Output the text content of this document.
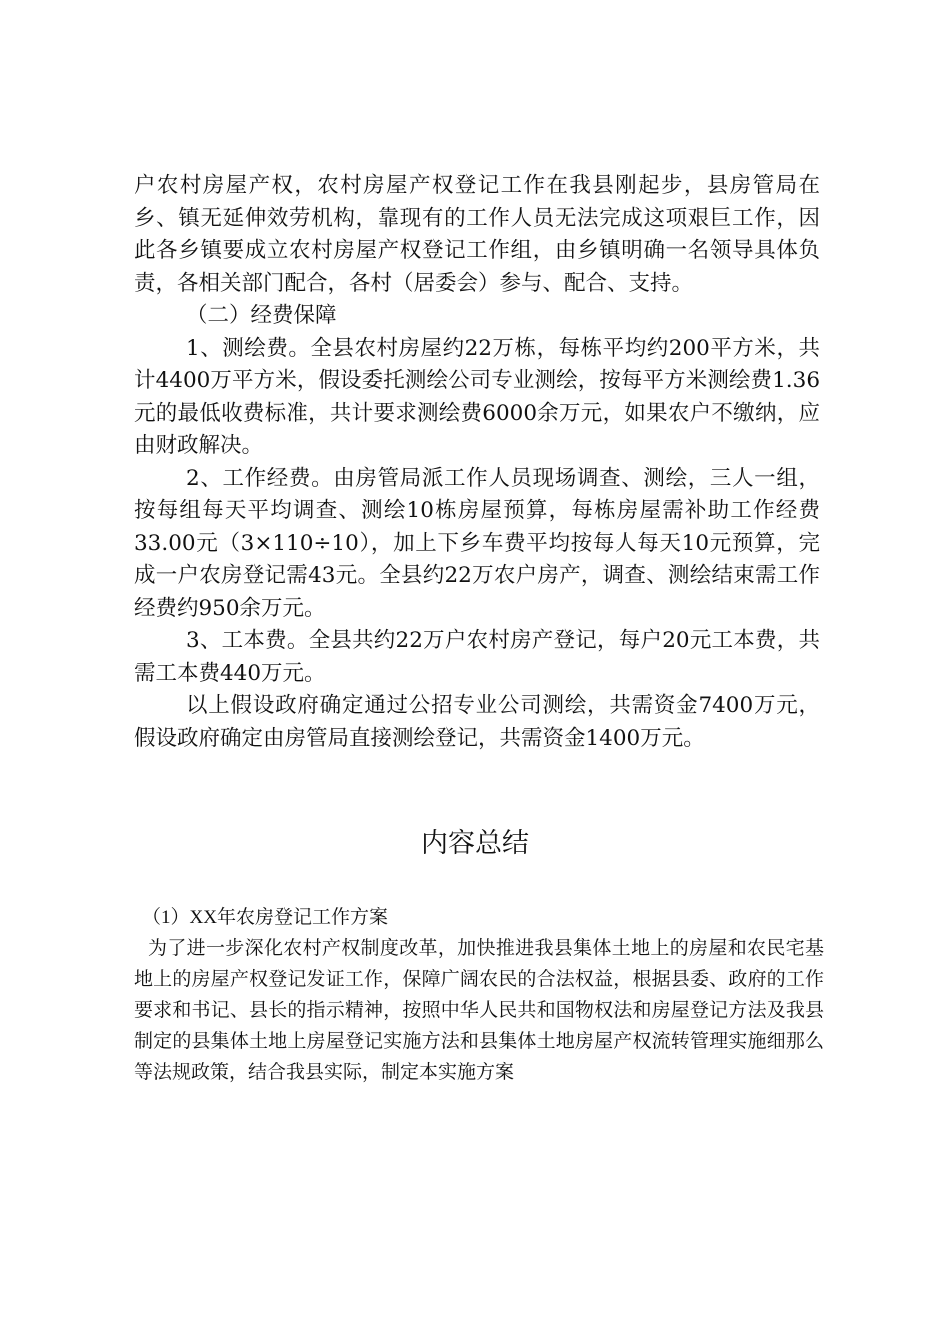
户农村房屋产权，农村房屋产权登记工作在我县刚起步，县房管局在乡、镇无延伸效劳机构，靠现有的工作人员无法完成这项艰巨工作，因此各乡镇要成立农村房屋产权登记工作组，由乡镇明确一名领导具体负责，各相关部门配合，各村（居委会）参与、配合、支持。

（二）经费保障

1、测绘费。全县农村房屋约22万栋，每栋平均约200平方米，共计4400万平方米，假设委托测绘公司专业测绘，按每平方米测绘费1.36元的最低收费标准，共计要求测绘费6000余万元，如果农户不缴纳，应由财政解决。

2、工作经费。由房管局派工作人员现场调查、测绘，三人一组，按每组每天平均调查、测绘10栋房屋预算，每栋房屋需补助工作经费33.00元（3×110÷10），加上下乡车费平均按每人每天10元预算，完成一户农房登记需43元。全县约22万农户房产，调查、测绘结束需工作经费约950余万元。

3、工本费。全县共约22万户农村房产登记，每户20元工本费，共需工本费440万元。

以上假设政府确定通过公招专业公司测绘，共需资金7400万元，假设政府确定由房管局直接测绘登记，共需资金1400万元。

内容总结

（1）XX年农房登记工作方案

为了进一步深化农村产权制度改革，加快推进我县集体土地上的房屋和农民宅基地上的房屋产权登记发证工作，保障广阔农民的合法权益，根据县委、政府的工作要求和书记、县长的指示精神，按照中华人民共和国物权法和房屋登记方法及我县制定的县集体土地上房屋登记实施方法和县集体土地房屋产权流转管理实施细那么等法规政策，结合我县实际，制定本实施方案
